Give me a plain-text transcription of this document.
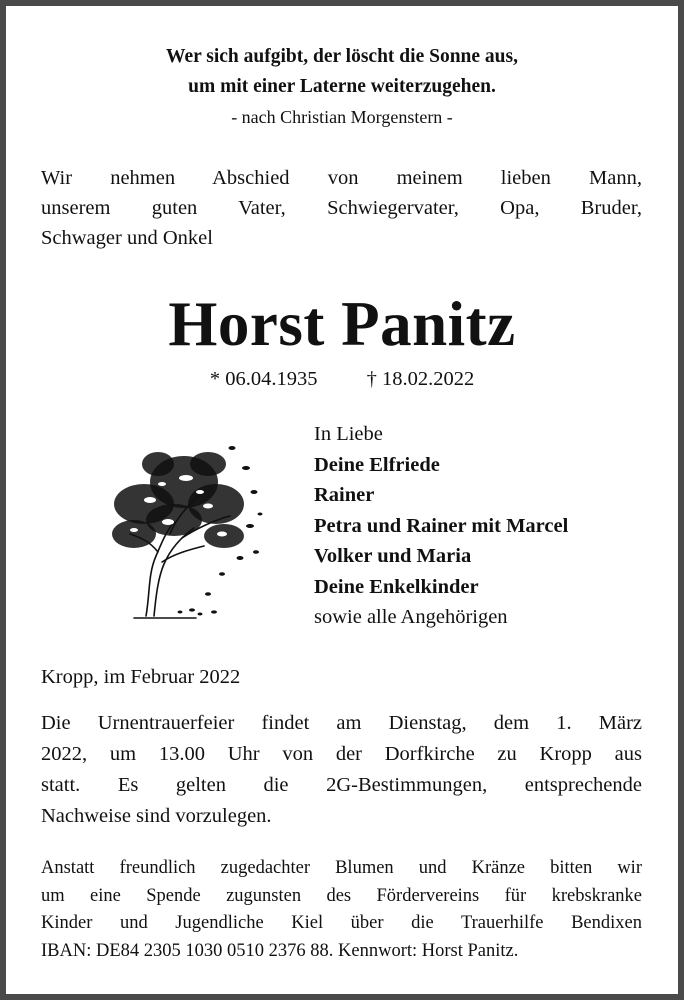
Wer sich aufgibt, der löscht die Sonne aus,
um mit einer Laterne weiterzugehen.
- nach Christian Morgenstern -
Wir nehmen Abschied von meinem lieben Mann,
unserem guten Vater, Schwiegervater, Opa, Bruder,
Schwager und Onkel
Horst Panitz
* 06.04.1935 † 18.02.2022
In Liebe
Deine Elfriede
Rainer
Petra und Rainer mit Marcel
Volker und Maria
Deine Enkelkinder
sowie alle Angehörigen
Kropp, im Februar 2022
Die Urnentrauerfeier findet am Dienstag, dem 1. März
2022, um 13.00 Uhr von der Dorfkirche zu Kropp aus
statt. Es gelten die 2G-Bestimmungen, entsprechende
Nachweise sind vorzulegen.
Anstatt freundlich zugedachter Blumen und Kränze bitten wir
um eine Spende zugunsten des Fördervereins für krebskranke
Kinder und Jugendliche Kiel über die Trauerhilfe Bendixen
IBAN: DE84 2305 1030 0510 2376 88. Kennwort: Horst Panitz.
